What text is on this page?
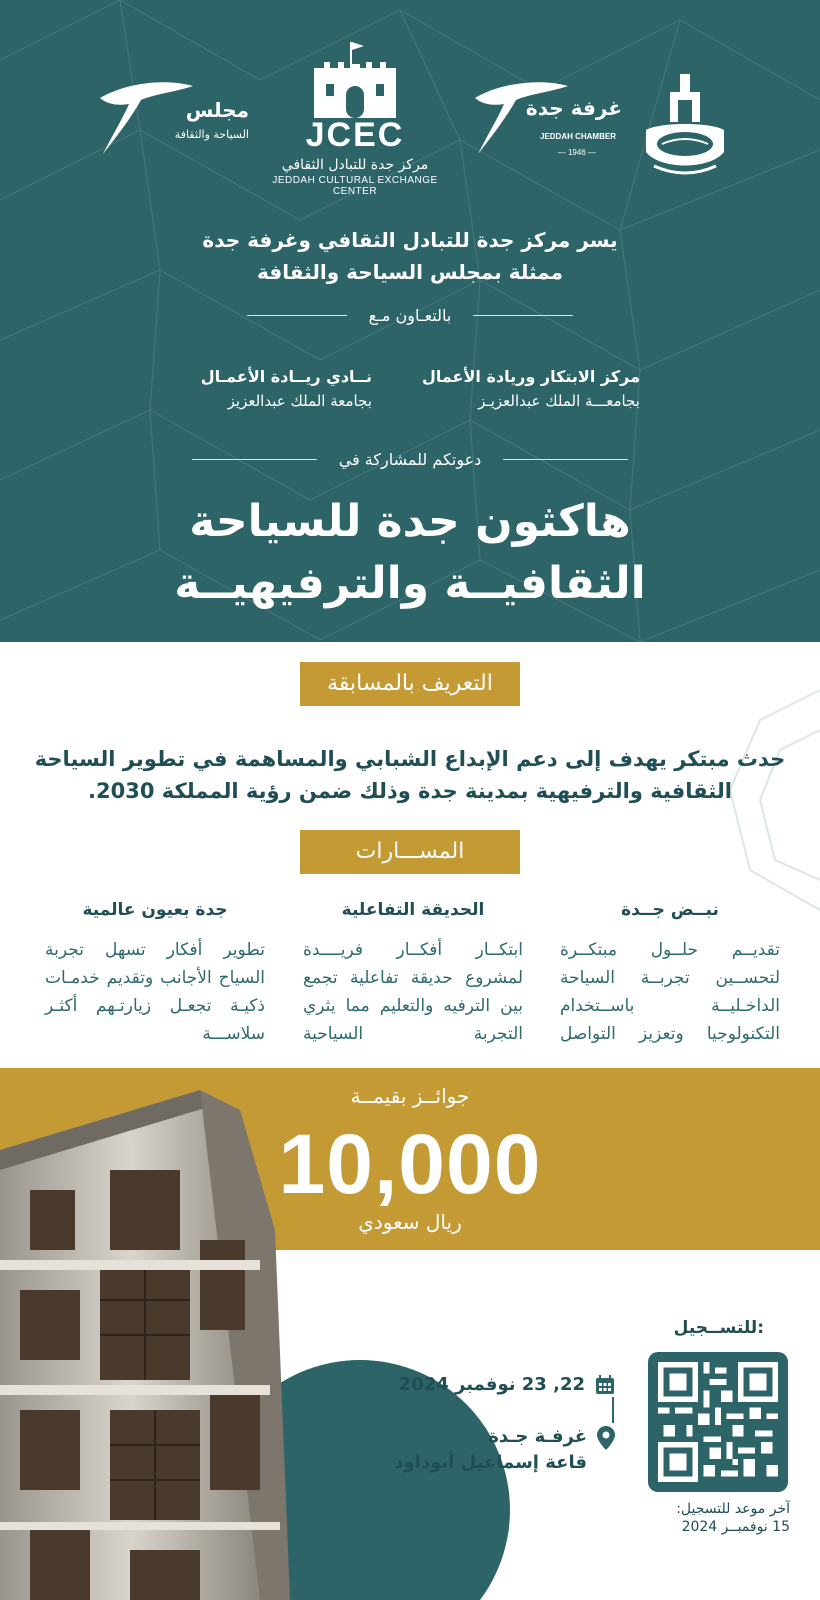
مجلس
السياحة والثقافة	JCEC
مركز جدة للتبادل الثقافي
JEDDAH CULTURAL EXCHANGE CENTER
غرفة جدة
JEDDAH CHAMBER
— 1946 —
يسر مركز جدة للتبادل الثقافي وغرفة جدة
ممثلة بمجلس السياحة والثقافة
بالتعـاون مـع
مركز الابتكار وريادة الأعمال
بجامعـــة الملك عبدالعزيـز
نــادي ريــادة الأعمـال
بجامعة الملك عبدالعزيز
دعوتكم للمشاركة في
هاكثون جدة للسياحة
الثقافيــة والترفيهيــة
التعريف بالمسابقة
حدث مبتكر يهدف إلى دعم الإبداع الشبابي والمساهمة في تطوير السياحة الثقافية والترفيهية بمدينة جدة وذلك ضمن رؤية المملكة 2030.
المســـارات
نبــض جــدة
تقديــم حلــول مبتكــرة لتحســين تجربــة السياحة الداخـليــة باســتخدام التكنولوجيا وتعزيز التواصل
الحديقة التفاعلية
ابتكــار أفكــار فريــــدة لمشروع حديقة تفاعلية تجمع بين الترفيه والتعليم مما يثري التجربة السياحية
جدة بعيون عالمية
تطوير أفكار تسهل تجربة السياح الأجانب وتقديم خدمـات ذكيـة تجعـل زيارتـهم أكثـر سلاســـة
جوائــز بقيمــة
10,000
ريال سعودي
:للتســجيل
آخر موعد للتسجيل:
15 نوفمبــر 2024
22, 23 نوفمبر 2024
غرفـة جـدة
قاعة إسماعيل أبوداود
